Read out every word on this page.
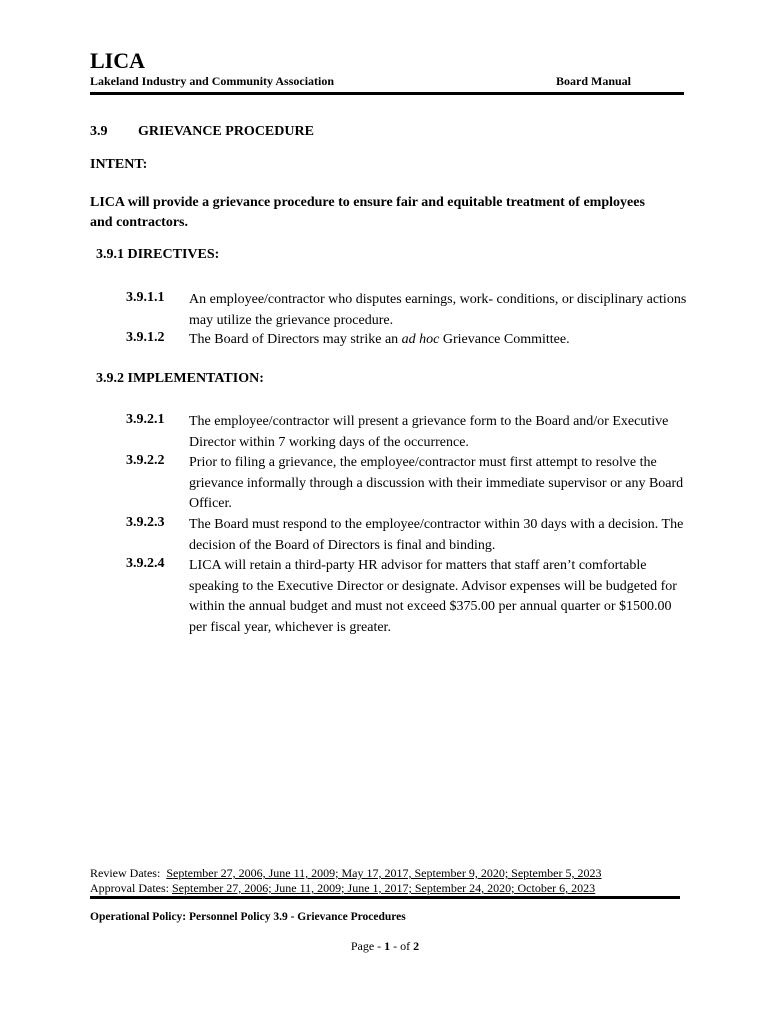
LICA
Lakeland Industry and Community Association	Board Manual
3.9 GRIEVANCE PROCEDURE
INTENT:
LICA will provide a grievance procedure to ensure fair and equitable treatment of employees and contractors.
3.9.1 DIRECTIVES:
3.9.1.1	An employee/contractor who disputes earnings, work- conditions, or disciplinary actions may utilize the grievance procedure.
3.9.1.2	The Board of Directors may strike an ad hoc Grievance Committee.
3.9.2 IMPLEMENTATION:
3.9.2.1	The employee/contractor will present a grievance form to the Board and/or Executive Director within 7 working days of the occurrence.
3.9.2.2	Prior to filing a grievance, the employee/contractor must first attempt to resolve the grievance informally through a discussion with their immediate supervisor or any Board Officer.
3.9.2.3	The Board must respond to the employee/contractor within 30 days with a decision. The decision of the Board of Directors is final and binding.
3.9.2.4	LICA will retain a third-party HR advisor for matters that staff aren’t comfortable speaking to the Executive Director or designate. Advisor expenses will be budgeted for within the annual budget and must not exceed $375.00 per annual quarter or $1500.00 per fiscal year, whichever is greater.
Review Dates: September 27, 2006, June 11, 2009; May 17, 2017, September 9, 2020; September 5, 2023
Approval Dates: September 27, 2006; June 11, 2009; June 1, 2017; September 24, 2020; October 6, 2023
Operational Policy: Personnel Policy 3.9 - Grievance Procedures
Page - 1 - of 2
